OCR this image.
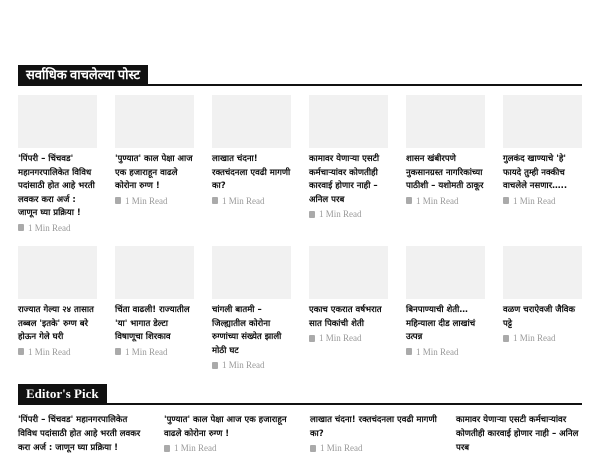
सर्वाधिक वाचलेल्या पोस्ट
'पिंपरी – चिंचवड' महानगरपालिकेत विविध पदांसाठी होत आहे भरती लवकर करा अर्ज : जाणून घ्या प्रक्रिया !
1 Min Read
'पुण्यात' काल पेक्षा आज एक हजाराहून वाढले कोरोना रुग्ण !
1 Min Read
लाखात चंदना! रक्तचंदनला एवढी मागणी का?
1 Min Read
कामावर येणाऱ्या एसटी कर्मचाऱ्यांवर कोणतीही कारवाई होणार नाही – अनिल परब
1 Min Read
शासन खंबीरपणे नुकसानग्रस्त नागरिकांच्या पाठीशी – यशोमती ठाकूर
1 Min Read
गुलकंद खाण्याचे 'हे' फायदे तुम्ही नक्कीच वाचलेले नसणार…..
1 Min Read
राज्यात गेल्या २४ तासात तब्बल 'इतके' रुग्ण बरे होऊन गेले घरी
1 Min Read
चिंता वाढली! राज्यातील 'या' भागात डेल्टा विषाणूचा शिरकाव
1 Min Read
चांगली बातमी – जिल्ह्यातील कोरोना रुग्णांच्या संख्येत झाली मोठी घट
1 Min Read
एकाच एकरात वर्षभरात सात पिकांची शेती
1 Min Read
बिनपाण्याची शेती… महिन्याला दीड लाखांचं उत्पन्न
1 Min Read
वळण चराऐवजी जैविक पट्टे
1 Min Read
Editor's Pick
'पिंपरी – चिंचवड' महानगरपालिकेत विविध पदांसाठी होत आहे भरती लवकर करा अर्ज : जाणून घ्या प्रक्रिया !
'पुण्यात' काल पेक्षा आज एक हजाराहून वाढले कोरोना रुग्ण !
1 Min Read
लाखात चंदना! रक्तचंदनला एवढी मागणी का?
1 Min Read
कामावर येणाऱ्या एसटी कर्मचाऱ्यांवर कोणतीही कारवाई होणार नाही – अनिल परब
